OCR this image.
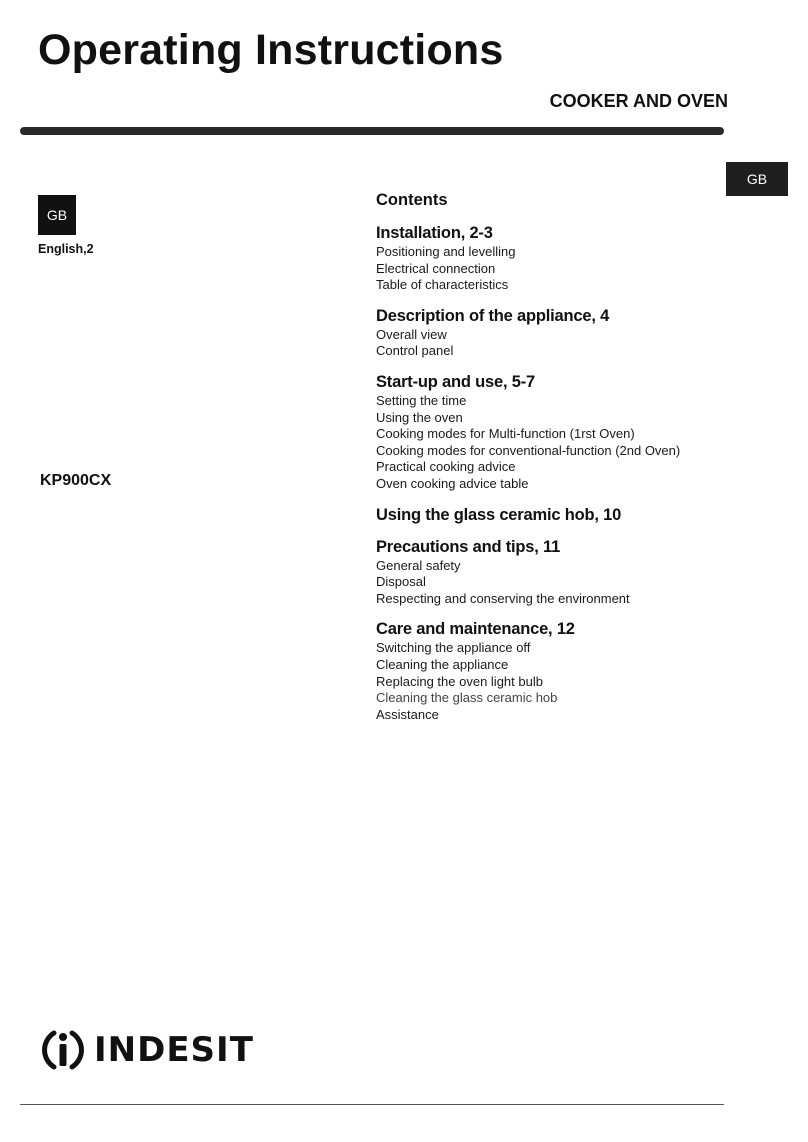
Operating Instructions
COOKER AND OVEN
GB
GB
English,2
KP900CX
Contents
Installation, 2-3
Positioning and levelling
Electrical connection
Table of characteristics
Description of the appliance, 4
Overall view
Control panel
Start-up and use, 5-7
Setting the time
Using the oven
Cooking modes for Multi-function (1rst Oven)
Cooking modes for conventional-function (2nd Oven)
Practical cooking advice
Oven cooking advice table
Using the glass ceramic hob, 10
Precautions and tips, 11
General safety
Disposal
Respecting and conserving the environment
Care and maintenance, 12
Switching the appliance off
Cleaning the appliance
Replacing the oven light bulb
Cleaning the glass ceramic hob
Assistance
INDESIT
